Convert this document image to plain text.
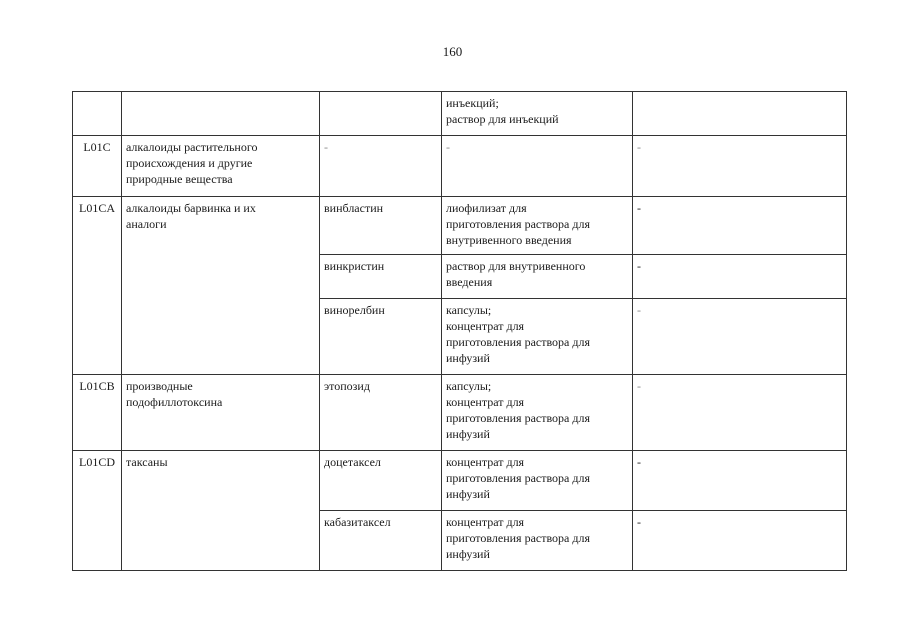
160

			инъекций;
раствор для инъекций	

L01C	алкалоиды растительного
происхождения и другие
природные вещества	-	-	-
L01CA	алкалоиды барвинка и их
аналоги	винбластин	лиофилизат для
приготовления раствора для
внутривенного введения	-
		винкристин	раствор для внутривенного
введения	-
		винорелбин	капсулы;
концентрат для
приготовления раствора для
инфузий	-
L01CB	производные
подофиллотоксина	этопозид	капсулы;
концентрат для
приготовления раствора для
инфузий	-
L01CD	таксаны	доцетаксел	концентрат для
приготовления раствора для
инфузий	-
		кабазитаксел	концентрат для
приготовления раствора для
инфузий	-
